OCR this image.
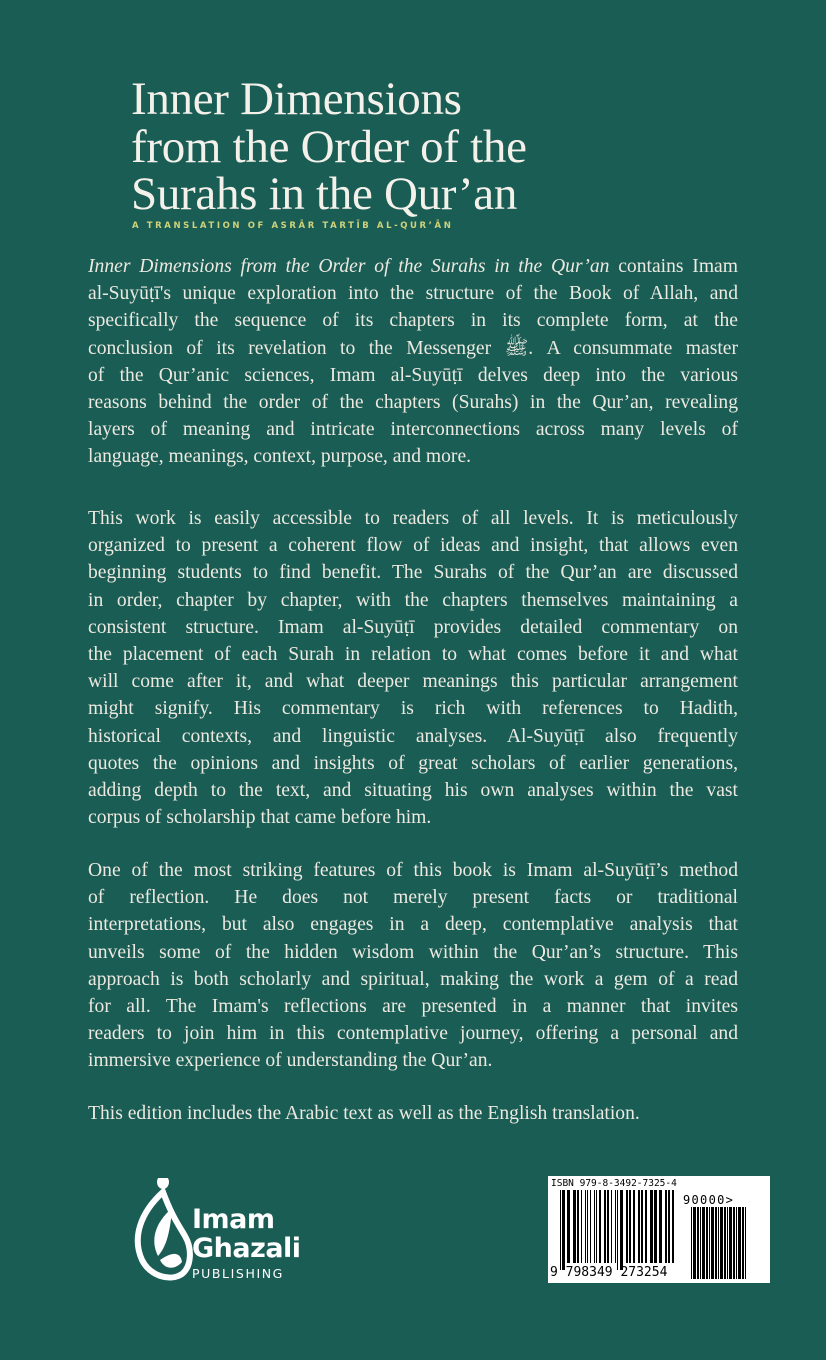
Inner Dimensions
from the Order of the
Surahs in the Qur’an
A TRANSLATION OF ASRĀR TARTĪB AL-QUR’ĀN
Inner Dimensions from the Order of the Surahs in the Qur’an contains Imam
al-Suyūṭī's unique exploration into the structure of the Book of Allah, and
specifically the sequence of its chapters in its complete form, at the
conclusion of its revelation to the Messenger ﷺ. A consummate master
of the Qur’anic sciences, Imam al-Suyūṭī delves deep into the various
reasons behind the order of the chapters (Surahs) in the Qur’an, revealing
layers of meaning and intricate interconnections across many levels of
language, meanings, context, purpose, and more.
This work is easily accessible to readers of all levels. It is meticulously
organized to present a coherent flow of ideas and insight, that allows even
beginning students to find benefit. The Surahs of the Qur’an are discussed
in order, chapter by chapter, with the chapters themselves maintaining a
consistent structure. Imam al-Suyūṭī provides detailed commentary on
the placement of each Surah in relation to what comes before it and what
will come after it, and what deeper meanings this particular arrangement
might signify. His commentary is rich with references to Hadith,
historical contexts, and linguistic analyses. Al-Suyūṭī also frequently
quotes the opinions and insights of great scholars of earlier generations,
adding depth to the text, and situating his own analyses within the vast
corpus of scholarship that came before him.
One of the most striking features of this book is Imam al-Suyūṭī’s method
of reflection. He does not merely present facts or traditional
interpretations, but also engages in a deep, contemplative analysis that
unveils some of the hidden wisdom within the Qur’an’s structure. This
approach is both scholarly and spiritual, making the work a gem of a read
for all. The Imam's reflections are presented in a manner that invites
readers to join him in this contemplative journey, offering a personal and
immersive experience of understanding the Qur’an.
This edition includes the Arabic text as well as the English translation.
Imam
Ghazali
PUBLISHING
ISBN 979-8-3492-7325-4
90000>
9 798349 273254
